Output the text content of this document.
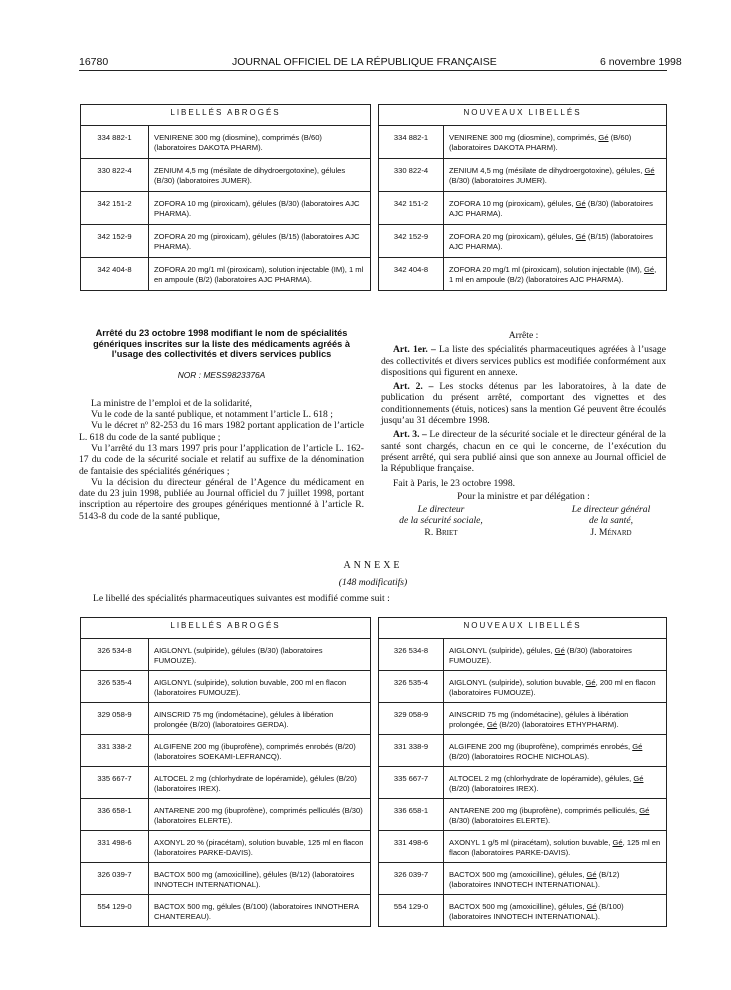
16780	JOURNAL OFFICIEL DE LA RÉPUBLIQUE FRANÇAISE	6 novembre 1998
LIBELLÉS ABROGÉS			NOUVEAUX LIBELLÉS	
334 882-1	VENIRENE 300 mg (diosmine), comprimés (B/60) (laboratoires DAKOTA PHARM).		334 882-1	VENIRENE 300 mg (diosmine), comprimés, Gé (B/60) (laboratoires DAKOTA PHARM).
330 822-4	ZENIUM 4,5 mg (mésilate de dihydroergotoxine), gélules (B/30) (laboratoires JUMER).		330 822-4	ZENIUM 4,5 mg (mésilate de dihydroergotoxine), gélules, Gé (B/30) (laboratoires JUMER).
342 151-2	ZOFORA 10 mg (piroxicam), gélules (B/30) (laboratoires AJC PHARMA).		342 151-2	ZOFORA 10 mg (piroxicam), gélules, Gé (B/30) (laboratoires AJC PHARMA).
342 152-9	ZOFORA 20 mg (piroxicam), gélules (B/15) (laboratoires AJC PHARMA).		342 152-9	ZOFORA 20 mg (piroxicam), gélules, Gé (B/15) (laboratoires AJC PHARMA).
342 404-8	ZOFORA 20 mg/1 ml (piroxicam), solution injectable (IM), 1 ml en ampoule (B/2) (laboratoires AJC PHARMA).		342 404-8	ZOFORA 20 mg/1 ml (piroxicam), solution injectable (IM), Gé, 1 ml en ampoule (B/2) (laboratoires AJC PHARMA).
Arrêté du 23 octobre 1998 modifiant le nom de spécialités génériques inscrites sur la liste des médicaments agréés à l’usage des collectivités et divers services publics
NOR : MESS9823376A

La ministre de l’emploi et de la solidarité,

Vu le code de la santé publique, et notamment l’article L. 618 ;

Vu le décret nº 82-253 du 16 mars 1982 portant application de l’article L. 618 du code de la santé publique ;

Vu l’arrêté du 13 mars 1997 pris pour l’application de l’article L. 162-17 du code de la sécurité sociale et relatif au suffixe de la dénomination de fantaisie des spécialités génériques ;

Vu la décision du directeur général de l’Agence du médicament en date du 23 juin 1998, publiée au Journal officiel du 7 juillet 1998, portant inscription au répertoire des groupes génériques mentionné à l’article R. 5143-8 du code de la santé publique,

Arrête :

Art. 1er. – La liste des spécialités pharmaceutiques agréées à l’usage des collectivités et divers services publics est modifiée conformément aux dispositions qui figurent en annexe.

Art. 2. – Les stocks détenus par les laboratoires, à la date de publication du présent arrêté, comportant des vignettes et des conditionnements (étuis, notices) sans la mention Gé peuvent être écoulés jusqu’au 31 décembre 1998.

Art. 3. – Le directeur de la sécurité sociale et le directeur général de la santé sont chargés, chacun en ce qui le concerne, de l’exécution du présent arrêté, qui sera publié ainsi que son annexe au Journal officiel de la République française.

Fait à Paris, le 23 octobre 1998.

Pour la ministre et par délégation :
Le directeur
de la sécurité sociale,
R. Briet
Le directeur général
de la santé,
J. Ménard
ANNEXE
(148 modificatifs)
Le libellé des spécialités pharmaceutiques suivantes est modifié comme suit :
LIBELLÉS ABROGÉS			NOUVEAUX LIBELLÉS	
326 534-8	AIGLONYL (sulpiride), gélules (B/30) (laboratoires FUMOUZE).		326 534-8	AIGLONYL (sulpiride), gélules, Gé (B/30) (laboratoires FUMOUZE).
326 535-4	AIGLONYL (sulpiride), solution buvable, 200 ml en flacon (laboratoires FUMOUZE).		326 535-4	AIGLONYL (sulpiride), solution buvable, Gé, 200 ml en flacon (laboratoires FUMOUZE).
329 058-9	AINSCRID 75 mg (indométacine), gélules à libération prolongée (B/20) (laboratoires GERDA).		329 058-9	AINSCRID 75 mg (indométacine), gélules à libération prolongée, Gé (B/20) (laboratoires ETHYPHARM).
331 338-2	ALGIFENE 200 mg (ibuprofène), comprimés enrobés (B/20) (laboratoires SOEKAMI-LEFRANCQ).		331 338-9	ALGIFENE 200 mg (ibuprofène), comprimés enrobés, Gé (B/20) (laboratoires ROCHE NICHOLAS).
335 667-7	ALTOCEL 2 mg (chlorhydrate de lopéramide), gélules (B/20) (laboratoires IREX).		335 667-7	ALTOCEL 2 mg (chlorhydrate de lopéramide), gélules, Gé (B/20) (laboratoires IREX).
336 658-1	ANTARENE 200 mg (ibuprofène), comprimés pelliculés (B/30) (laboratoires ELERTE).		336 658-1	ANTARENE 200 mg (ibuprofène), comprimés pelliculés, Gé (B/30) (laboratoires ELERTE).
331 498-6	AXONYL 20 % (piracétam), solution buvable, 125 ml en flacon (laboratoires PARKE-DAVIS).		331 498-6	AXONYL 1 g/5 ml (piracétam), solution buvable, Gé, 125 ml en flacon (laboratoires PARKE-DAVIS).
326 039-7	BACTOX 500 mg (amoxicilline), gélules (B/12) (laboratoires INNOTECH INTERNATIONAL).		326 039-7	BACTOX 500 mg (amoxicilline), gélules, Gé (B/12) (laboratoires INNOTECH INTERNATIONAL).
554 129-0	BACTOX 500 mg, gélules (B/100) (laboratoires INNOTHERA CHANTEREAU).		554 129-0	BACTOX 500 mg (amoxicilline), gélules, Gé (B/100) (laboratoires INNOTECH INTERNATIONAL).
